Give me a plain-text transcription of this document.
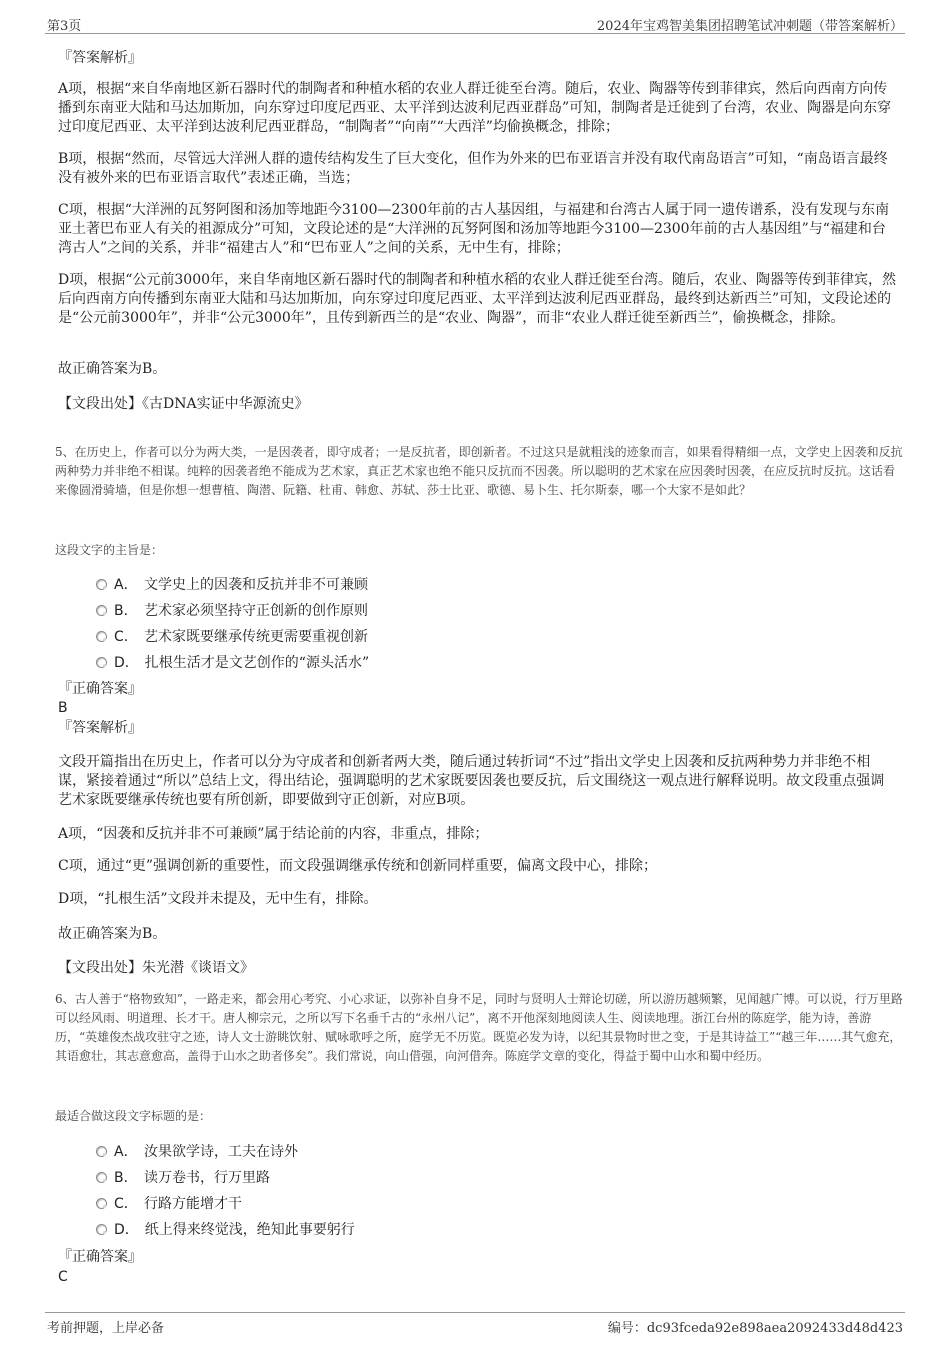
第3页	2024年宝鸡智美集团招聘笔试冲刺题（带答案解析）
『答案解析』

A项，根据“来自华南地区新石器时代的制陶者和种植水稻的农业人群迁徙至台湾。随后，农业、陶器等传到菲律宾，然后向西南方向传播到东南亚大陆和马达加斯加，向东穿过印度尼西亚、太平洋到达波利尼西亚群岛”可知，制陶者是迁徙到了台湾，农业、陶器是向东穿过印度尼西亚、太平洋到达波利尼西亚群岛，“制陶者”“向南”“大西洋”均偷换概念，排除；

B项，根据“然而，尽管远大洋洲人群的遗传结构发生了巨大变化，但作为外来的巴布亚语言并没有取代南岛语言”可知，“南岛语言最终没有被外来的巴布亚语言取代”表述正确，当选；

C项，根据“大洋洲的瓦努阿图和汤加等地距今3100—2300年前的古人基因组，与福建和台湾古人属于同一遗传谱系，没有发现与东南亚土著巴布亚人有关的祖源成分”可知，文段论述的是“大洋洲的瓦努阿图和汤加等地距今3100—2300年前的古人基因组”与“福建和台湾古人”之间的关系，并非“福建古人”和“巴布亚人”之间的关系，无中生有，排除；

D项，根据“公元前3000年，来自华南地区新石器时代的制陶者和种植水稻的农业人群迁徙至台湾。随后，农业、陶器等传到菲律宾，然后向西南方向传播到东南亚大陆和马达加斯加，向东穿过印度尼西亚、太平洋到达波利尼西亚群岛，最终到达新西兰”可知，文段论述的是“公元前3000年”，并非“公元3000年”，且传到新西兰的是“农业、陶器”，而非“农业人群迁徙至新西兰”，偷换概念，排除。

故正确答案为B。

【文段出处】《古DNA实证中华源流史》

5、在历史上，作者可以分为两大类，一是因袭者，即守成者；一是反抗者，即创新者。不过这只是就粗浅的迹象而言，如果看得精细一点，文学史上因袭和反抗两种势力并非绝不相谋。纯粹的因袭者绝不能成为艺术家，真正艺术家也绝不能只反抗而不因袭。所以聪明的艺术家在应因袭时因袭，在应反抗时反抗。这话看来像圆滑骑墙，但是你想一想曹植、陶潜、阮籍、杜甫、韩愈、苏轼、莎士比亚、歌德、易卜生、托尔斯泰，哪一个大家不是如此？

这段文字的主旨是：

A． 文学史上的因袭和反抗并非不可兼顾
B． 艺术家必须坚持守正创新的创作原则
C． 艺术家既要继承传统更需要重视创新
D． 扎根生活才是文艺创作的“源头活水”
『正确答案』
B
『答案解析』

文段开篇指出在历史上，作者可以分为守成者和创新者两大类，随后通过转折词“不过”指出文学史上因袭和反抗两种势力并非绝不相谋，紧接着通过“所以”总结上文，得出结论，强调聪明的艺术家既要因袭也要反抗，后文围绕这一观点进行解释说明。故文段重点强调艺术家既要继承传统也要有所创新，即要做到守正创新，对应B项。

A项，“因袭和反抗并非不可兼顾”属于结论前的内容，非重点，排除；

C项，通过“更”强调创新的重要性，而文段强调继承传统和创新同样重要，偏离文段中心，排除；

D项，“扎根生活”文段并未提及，无中生有，排除。

故正确答案为B。

【文段出处】朱光潜《谈语文》

6、古人善于“格物致知”，一路走来，都会用心考究、小心求证，以弥补自身不足，同时与贤明人士辩论切磋，所以游历越频繁，见闻越广博。可以说，行万里路可以经风雨、明道理、长才干。唐人柳宗元，之所以写下名垂千古的“永州八记”，离不开他深刻地阅读人生、阅读地理。浙江台州的陈庭学，能为诗，善游历，“英雄俊杰战攻驻守之迹，诗人文士游眺饮射、赋咏歌呼之所，庭学无不历览。既览必发为诗，以纪其景物时世之变，于是其诗益工”“越三年……其气愈充，其语愈壮，其志意愈高，盖得于山水之助者侈矣”。我们常说，向山借强，向河借奔。陈庭学文章的变化，得益于蜀中山水和蜀中经历。

最适合做这段文字标题的是：

A． 汝果欲学诗，工夫在诗外
B． 读万卷书，行万里路
C． 行路方能增才干
D． 纸上得来终觉浅，绝知此事要躬行
『正确答案』
C
考前押题，上岸必备	编号：dc93fceda92e898aea2092433d48d423
